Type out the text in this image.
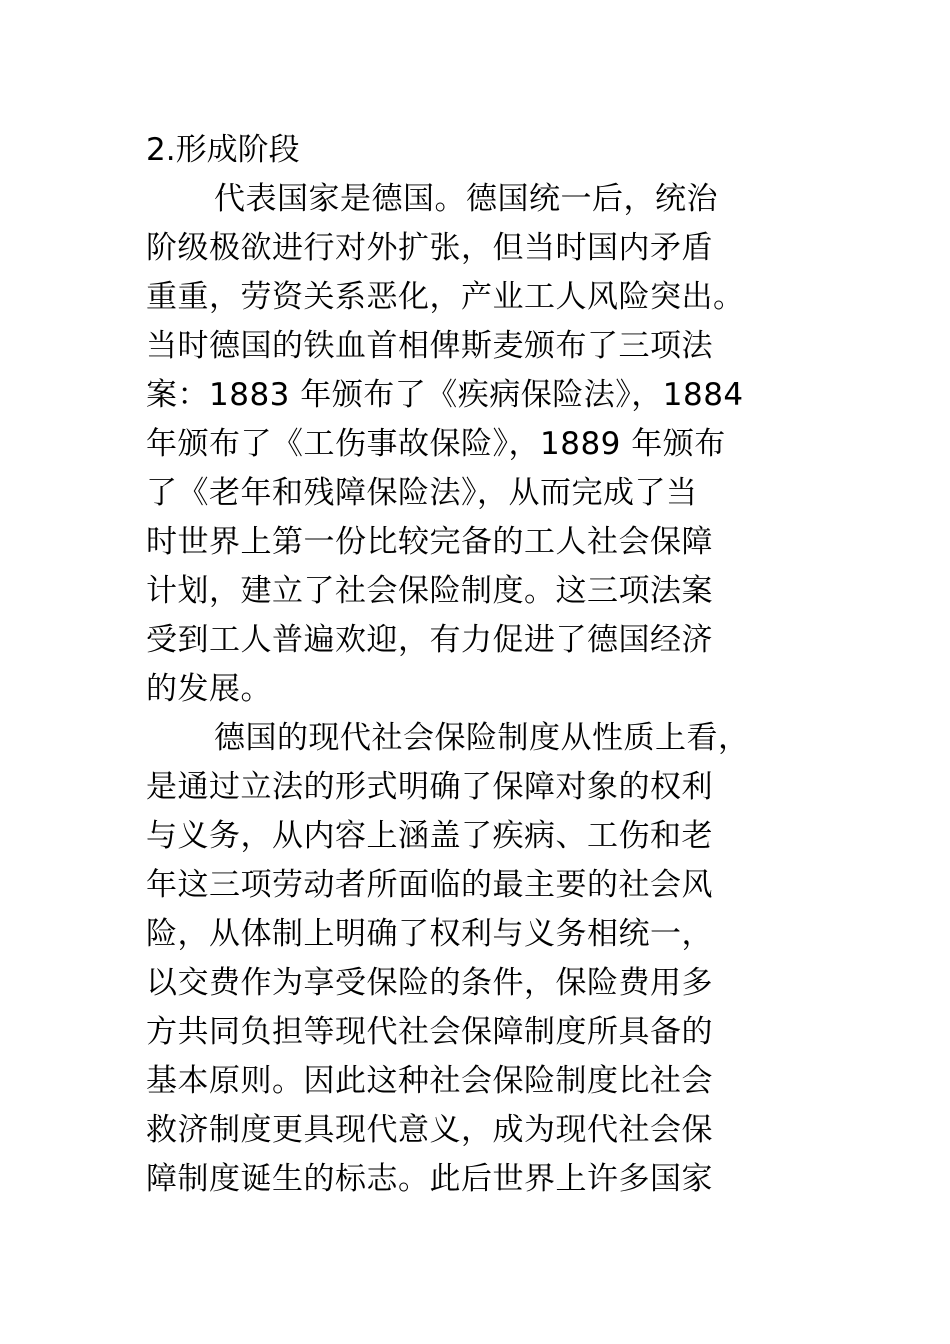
2.形成阶段
代表国家是德国。德国统一后，统治
阶级极欲进行对外扩张，但当时国内矛盾
重重，劳资关系恶化，产业工人风险突出。
当时德国的铁血首相俾斯麦颁布了三项法
案：1883 年颁布了《疾病保险法》，1884
年颁布了《工伤事故保险》，1889 年颁布
了《老年和残障保险法》，从而完成了当
时世界上第一份比较完备的工人社会保障
计划，建立了社会保险制度。这三项法案
受到工人普遍欢迎，有力促进了德国经济
的发展。
德国的现代社会保险制度从性质上看，
是通过立法的形式明确了保障对象的权利
与义务，从内容上涵盖了疾病、工伤和老
年这三项劳动者所面临的最主要的社会风
险，从体制上明确了权利与义务相统一，
以交费作为享受保险的条件，保险费用多
方共同负担等现代社会保障制度所具备的
基本原则。因此这种社会保险制度比社会
救济制度更具现代意义，成为现代社会保
障制度诞生的标志。此后世界上许多国家
